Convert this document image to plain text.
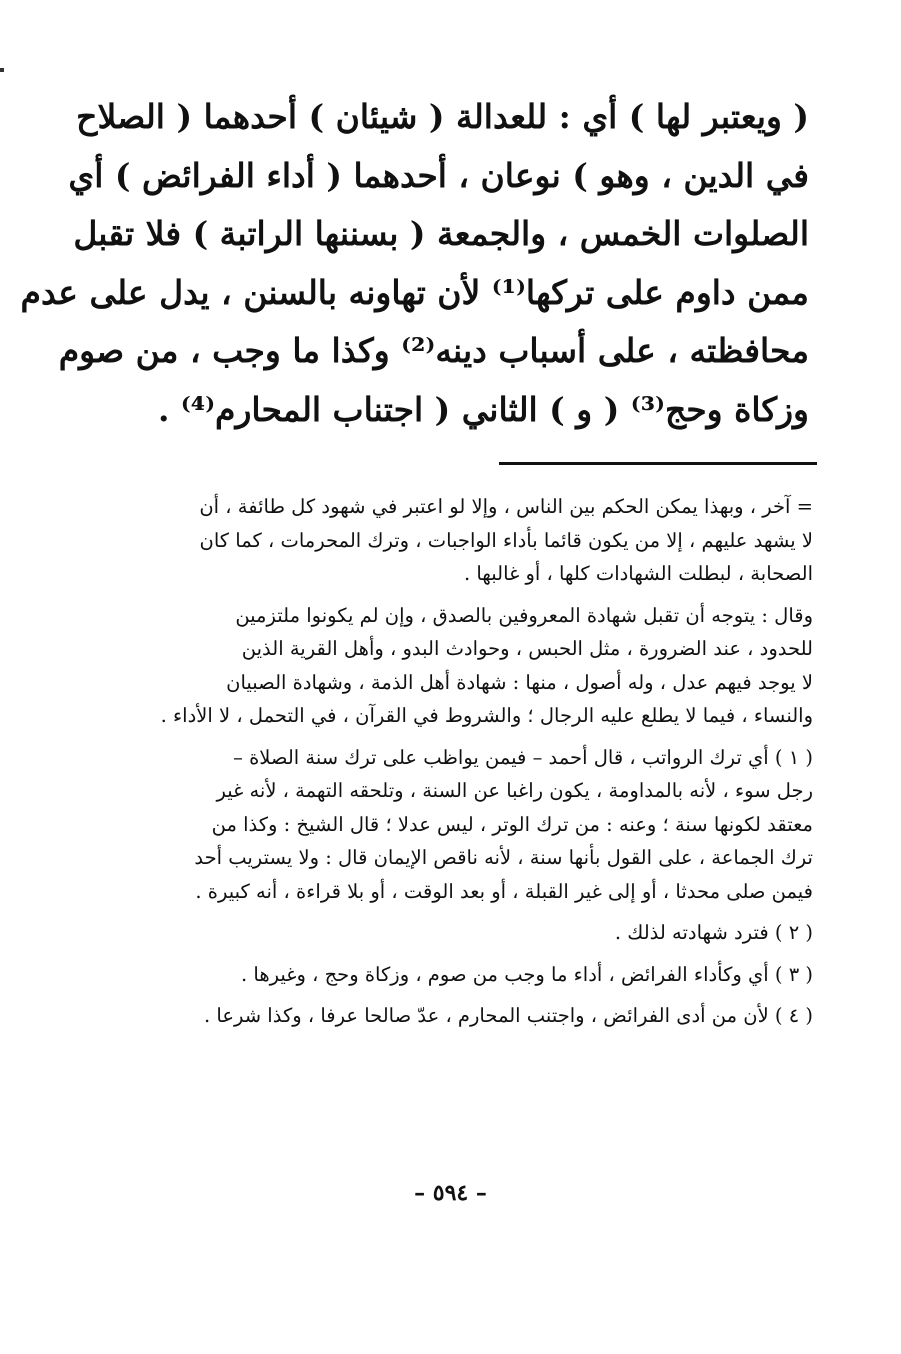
( ويعتبر لها ) أي : للعدالة ( شيئان ) أحدهما ( الصلاح
في الدين ، وهو ) نوعان ، أحدهما ( أداء الفرائض ) أي
الصلوات الخمس ، والجمعة ( بسننها الراتبة ) فلا تقبل
ممن داوم على تركها⁽¹⁾ لأن تهاونه بالسنن ، يدل على عدم
محافظته ، على أسباب دينه⁽²⁾ وكذا ما وجب ، من صوم
وزكاة وحج⁽³⁾ ( و ) الثاني ( اجتناب المحارم⁽⁴⁾ .
= آخر ، وبهذا يمكن الحكم بين الناس ، وإلا لو اعتبر في شهود كل طائفة ، أن
لا يشهد عليهم ، إلا من يكون قائما بأداء الواجبات ، وترك المحرمات ، كما كان
الصحابة ، لبطلت الشهادات كلها ، أو غالبها .
وقال : يتوجه أن تقبل شهادة المعروفين بالصدق ، وإن لم يكونوا ملتزمين
للحدود ، عند الضرورة ، مثل الحبس ، وحوادث البدو ، وأهل القرية الذين
لا يوجد فيهم عدل ، وله أصول ، منها : شهادة أهل الذمة ، وشهادة الصبيان
والنساء ، فيما لا يطلع عليه الرجال ؛ والشروط في القرآن ، في التحمل ، لا الأداء .
( ١ ) أي ترك الرواتب ، قال أحمد – فيمن يواظب على ترك سنة الصلاة –
رجل سوء ، لأنه بالمداومة ، يكون راغبا عن السنة ، وتلحقه التهمة ، لأنه غير
معتقد لكونها سنة ؛ وعنه : من ترك الوتر ، ليس عدلا ؛ قال الشيخ : وكذا من
ترك الجماعة ، على القول بأنها سنة ، لأنه ناقص الإيمان قال : ولا يستريب أحد
فيمن صلى محدثا ، أو إلى غير القبلة ، أو بعد الوقت ، أو بلا قراءة ، أنه كبيرة .
( ٢ ) فترد شهادته لذلك .
( ٣ ) أي وكأداء الفرائض ، أداء ما وجب من صوم ، وزكاة وحج ، وغيرها .
( ٤ ) لأن من أدى الفرائض ، واجتنب المحارم ، عدّ صالحا عرفا ، وكذا شرعا .
– ٥٩٤ –
